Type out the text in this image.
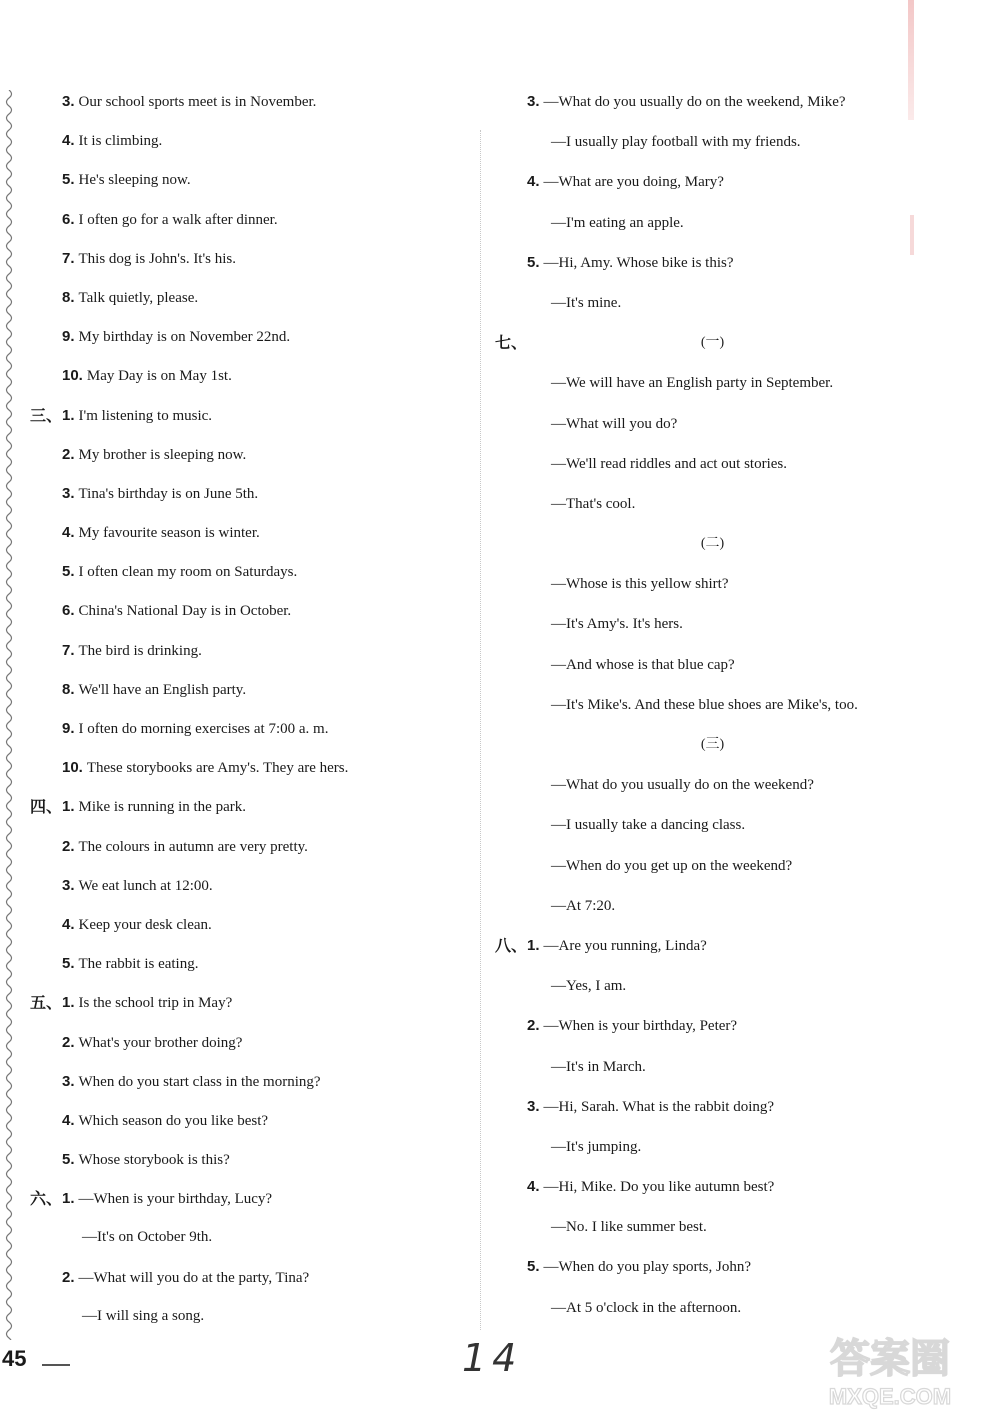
3. Our school sports meet is in November.
4. It is climbing.
5. He's sleeping now.
6. I often go for a walk after dinner.
7. This dog is John's. It's his.
8. Talk quietly, please.
9. My birthday is on November 22nd.
10. May Day is on May 1st.
三、 1. I'm listening to music.
2. My brother is sleeping now.
3. Tina's birthday is on June 5th.
4. My favourite season is winter.
5. I often clean my room on Saturdays.
6. China's National Day is in October.
7. The bird is drinking.
8. We'll have an English party.
9. I often do morning exercises at 7:00 a. m.
10. These storybooks are Amy's. They are hers.
四、 1. Mike is running in the park.
2. The colours in autumn are very pretty.
3. We eat lunch at 12:00.
4. Keep your desk clean.
5. The rabbit is eating.
五、 1. Is the school trip in May?
2. What's your brother doing?
3. When do you start class in the morning?
4. Which season do you like best?
5. Whose storybook is this?
六、 1. —When is your birthday, Lucy?
—It's on October 9th.
2. —What will you do at the party, Tina?
—I will sing a song.
3. —What do you usually do on the weekend, Mike?
—I usually play football with my friends.
4. —What are you doing, Mary?
—I'm eating an apple.
5. —Hi, Amy. Whose bike is this?
—It's mine.
七、	(一)
—We will have an English party in September.
—What will you do?
—We'll read riddles and act out stories.
—That's cool.
(二)
—Whose is this yellow shirt?
—It's Amy's. It's hers.
—And whose is that blue cap?
—It's Mike's. And these blue shoes are Mike's, too.
(三)
—What do you usually do on the weekend?
—I usually take a dancing class.
—When do you get up on the weekend?
—At 7:20.
八、 1. —Are you running, Linda?
—Yes, I am.
2. —When is your birthday, Peter?
—It's in March.
3. —Hi, Sarah. What is the rabbit doing?
—It's jumping.
4. —Hi, Mike. Do you like autumn best?
—No. I like summer best.
5. —When do you play sports, John?
—At 5 o'clock in the afternoon.
45	14	答案圈
MXQE.COM
